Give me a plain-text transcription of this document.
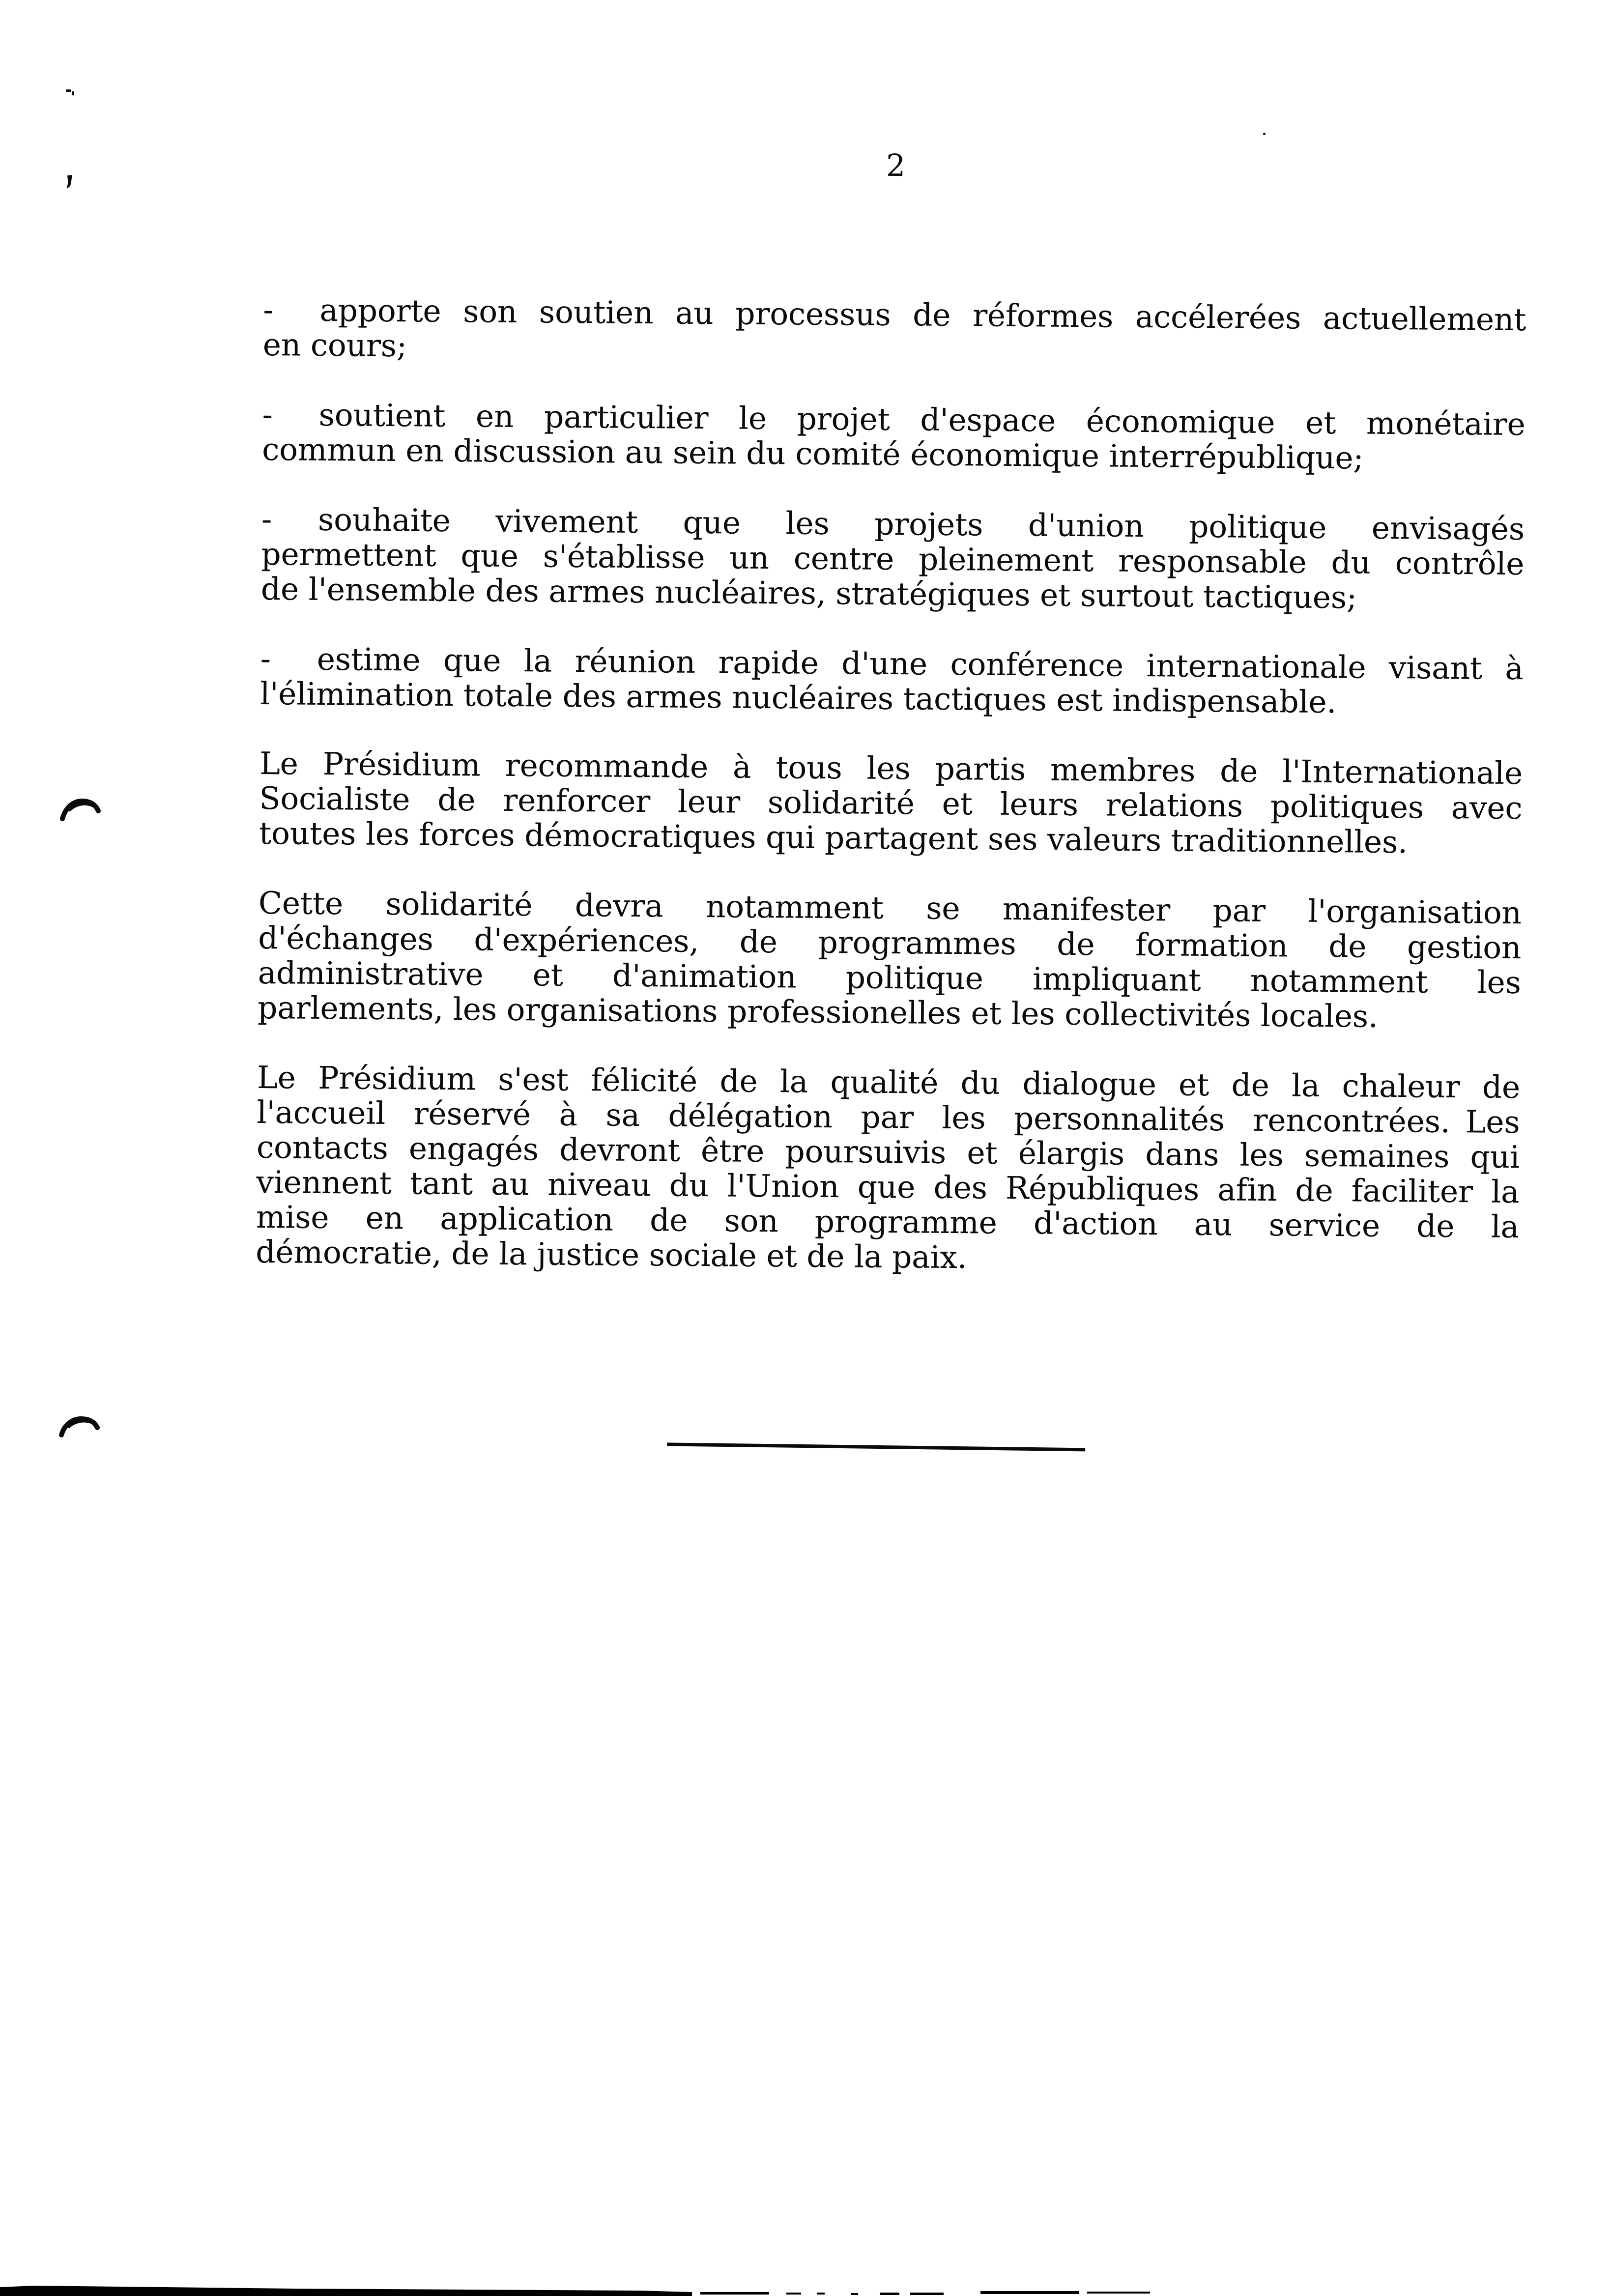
2
-  apporte son soutien au processus de réformes accélerées actuellement
en cours;
-  soutient en particulier le projet d'espace économique et monétaire
commun en discussion au sein du comité économique interrépublique;
-  souhaite vivement que les projets d'union politique envisagés
permettent que s'établisse un centre pleinement responsable du contrôle
de l'ensemble des armes nucléaires, stratégiques et surtout tactiques;
-  estime que la réunion rapide d'une conférence internationale visant à
l'élimination totale des armes nucléaires tactiques est indispensable.
Le Présidium recommande à tous les partis membres de l'Internationale
Socialiste de renforcer leur solidarité et leurs relations politiques avec
toutes les forces démocratiques qui partagent ses valeurs traditionnelles.
Cette solidarité devra notamment se manifester par l'organisation
d'échanges d'expériences, de programmes de formation de gestion
administrative et d'animation politique impliquant notamment les
parlements, les organisations professionelles et les collectivités locales.
Le Présidium s'est félicité de la qualité du dialogue et de la chaleur de
l'accueil réservé à sa délégation par les personnalités rencontrées. Les
contacts engagés devront être poursuivis et élargis dans les semaines qui
viennent tant au niveau du l'Union que des Républiques afin de faciliter la
mise en application de son programme d'action au service de la
démocratie, de la justice sociale et de la paix.
